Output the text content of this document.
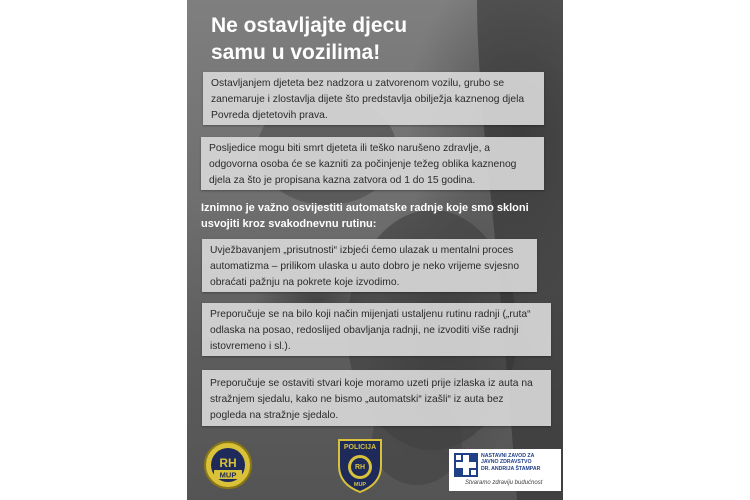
Ne ostavljajte djecu
samu u vozilima!

Ostavljanjem djeteta bez nadzora u zatvorenom vozilu, grubo se zanemaruje i zlostavlja dijete što predstavlja obilježja kaznenog djela Povreda djetetovih prava.

Posljedice mogu biti smrt djeteta ili teško narušeno zdravlje, a odgovorna osoba će se kazniti za počinjenje težeg oblika kaznenog djela za što je propisana kazna zatvora od 1 do 15 godina.

Iznimno je važno osvijestiti automatske radnje koje smo skloni usvojiti kroz svakodnevnu rutinu:

Uvježbavanjem „prisutnosti“ izbjeći ćemo ulazak u mentalni proces automatizma – prilikom ulaska u auto dobro je neko vrijeme svjesno obraćati pažnju na pokrete koje izvodimo.

Preporučuje se na bilo koji način mijenjati ustaljenu rutinu radnji („ruta“ odlaska na posao, redoslijed obavljanja radnji, ne izvoditi više radnji istovremeno i sl.).

Preporučuje se ostaviti stvari koje moramo uzeti prije izlaska iz auta na stražnjem sjedalu, kako ne bismo „automatski“ izašli“ iz auta bez pogleda na stražnje sjedalo.

RH
MUP
POLICIJA
RH
MUP
NASTAVNI ZAVOD ZA
JAVNO ZDRAVSTVO
DR. ANDRIJA ŠTAMPAR
Stvaramo zdraviju budućnost
